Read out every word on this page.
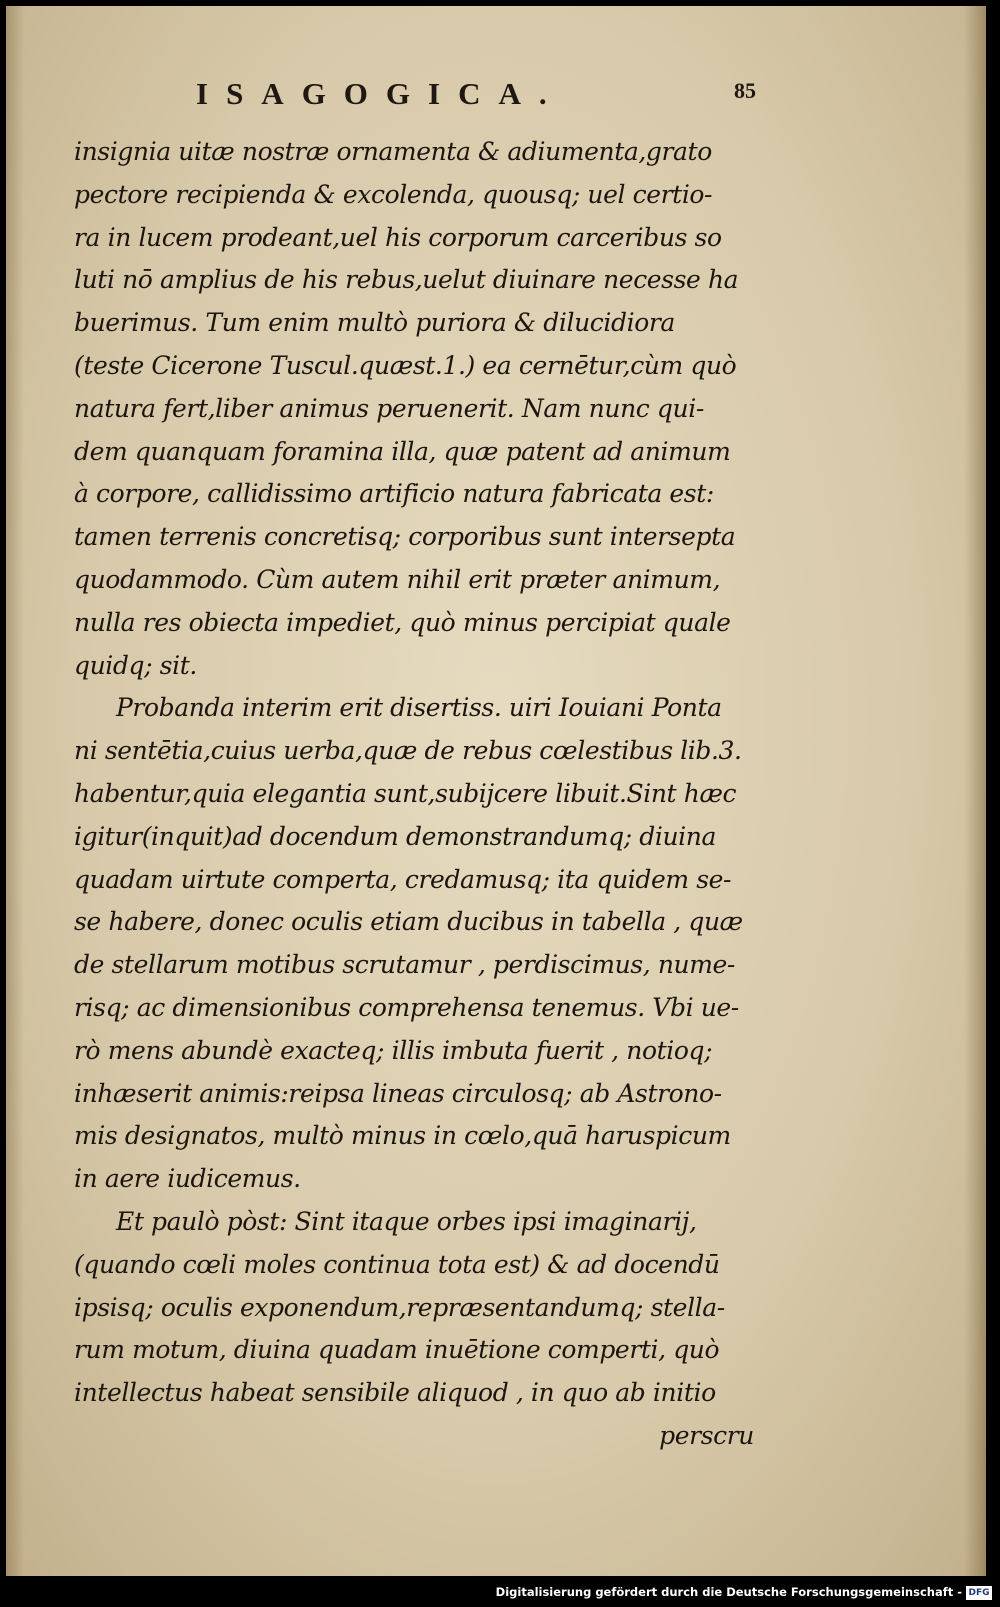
ISAGOGICA.	85
insignia uitæ nostræ ornamenta & adiumenta,grato
pectore recipienda & excolenda, quousq; uel certio-
ra in lucem prodeant,uel his corporum carceribus so
luti nō amplius de his rebus,uelut diuinare necesse ha
buerimus. Tum enim multò puriora & dilucidiora
(teste Cicerone Tuscul.quæst.1.) ea cernētur,cùm quò
natura fert,liber animus peruenerit. Nam nunc qui-
dem quanquam foramina illa, quæ patent ad animum
à corpore, callidissimo artificio natura fabricata est:
tamen terrenis concretisq; corporibus sunt intersepta
quodammodo. Cùm autem nihil erit præter animum,
nulla res obiecta impediet, quò minus percipiat quale
quidq; sit.
Probanda interim erit disertiss. uiri Iouiani Ponta
ni sentētia,cuius uerba,quæ de rebus cœlestibus lib.3.
habentur,quia elegantia sunt,subijcere libuit.Sint hæc
igitur(inquit)ad docendum demonstrandumq; diuina
quadam uirtute comperta, credamusq; ita quidem se-
se habere, donec oculis etiam ducibus in tabella , quæ
de stellarum motibus scrutamur , perdiscimus, nume-
risq; ac dimensionibus comprehensa tenemus. Vbi ue-
rò mens abundè exacteq; illis imbuta fuerit , notioq;
inhæserit animis:reipsa lineas circulosq; ab Astrono-
mis designatos, multò minus in cœlo,quā haruspicum
in aere iudicemus.
Et paulò pòst: Sint itaque orbes ipsi imaginarij,
(quando cœli moles continua tota est) & ad docendū
ipsisq; oculis exponendum,repræsentandumq; stella-
rum motum, diuina quadam inuētione comperti, quò
intellectus habeat sensibile aliquod , in quo ab initio
perscru
Digitalisierung gefördert durch die Deutsche Forschungsgemeinschaft - DFG
